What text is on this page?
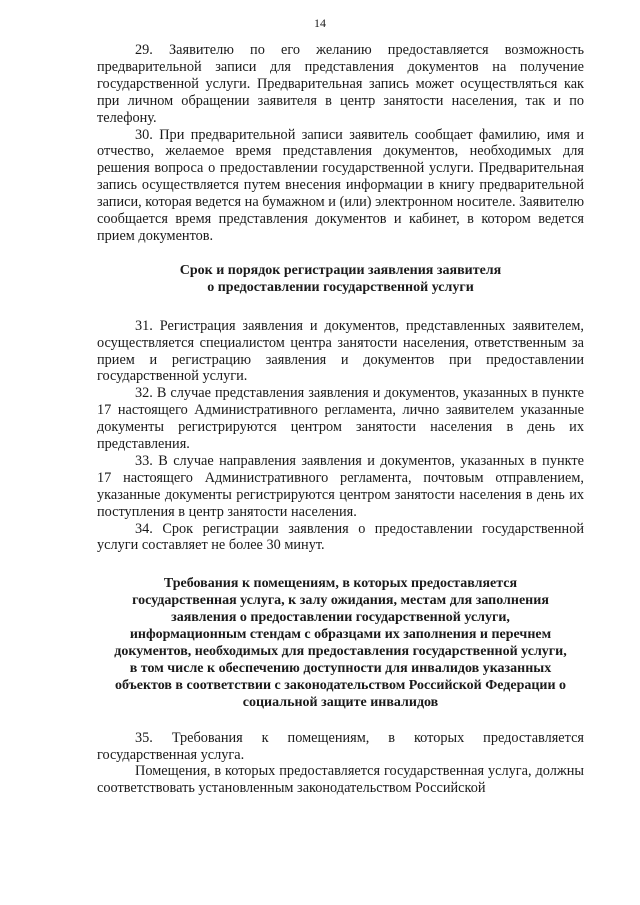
14

29. Заявителю по его желанию предоставляется возможность предварительной записи для представления документов на получение государственной услуги. Предварительная запись может осуществляться как при личном обращении заявителя в центр занятости населения, так и по телефону.

30. При предварительной записи заявитель сообщает фамилию, имя и отчество, желаемое время представления документов, необходимых для решения вопроса о предоставлении государственной услуги. Предварительная запись осуществляется путем внесения информации в книгу предварительной записи, которая ведется на бумажном и (или) электронном носителе. Заявителю сообщается время представления документов и кабинет, в котором ведется прием документов.

Срок и порядок регистрации заявления заявителя
о предоставлении государственной услуги

31. Регистрация заявления и документов, представленных заявителем, осуществляется специалистом центра занятости населения, ответственным за прием и регистрацию заявления и документов при предоставлении государственной услуги.

32. В случае представления заявления и документов, указанных в пункте 17 настоящего Административного регламента, лично заявителем указанные документы регистрируются центром занятости населения в день их представления.

33. В случае направления заявления и документов, указанных в пункте 17 настоящего Административного регламента, почтовым отправлением, указанные документы регистрируются центром занятости населения в день их поступления в центр занятости населения.

34. Срок регистрации заявления о предоставлении государственной услуги составляет не более 30 минут.

Требования к помещениям, в которых предоставляется
государственная услуга, к залу ожидания, местам для заполнения
заявления о предоставлении государственной услуги,
информационным стендам с образцами их заполнения и перечнем
документов, необходимых для предоставления государственной услуги,
в том числе к обеспечению доступности для инвалидов указанных
объектов в соответствии с законодательством Российской Федерации о
социальной защите инвалидов

35. Требования к помещениям, в которых предоставляется государственная услуга.

Помещения, в которых предоставляется государственная услуга, должны соответствовать установленным законодательством Российской
